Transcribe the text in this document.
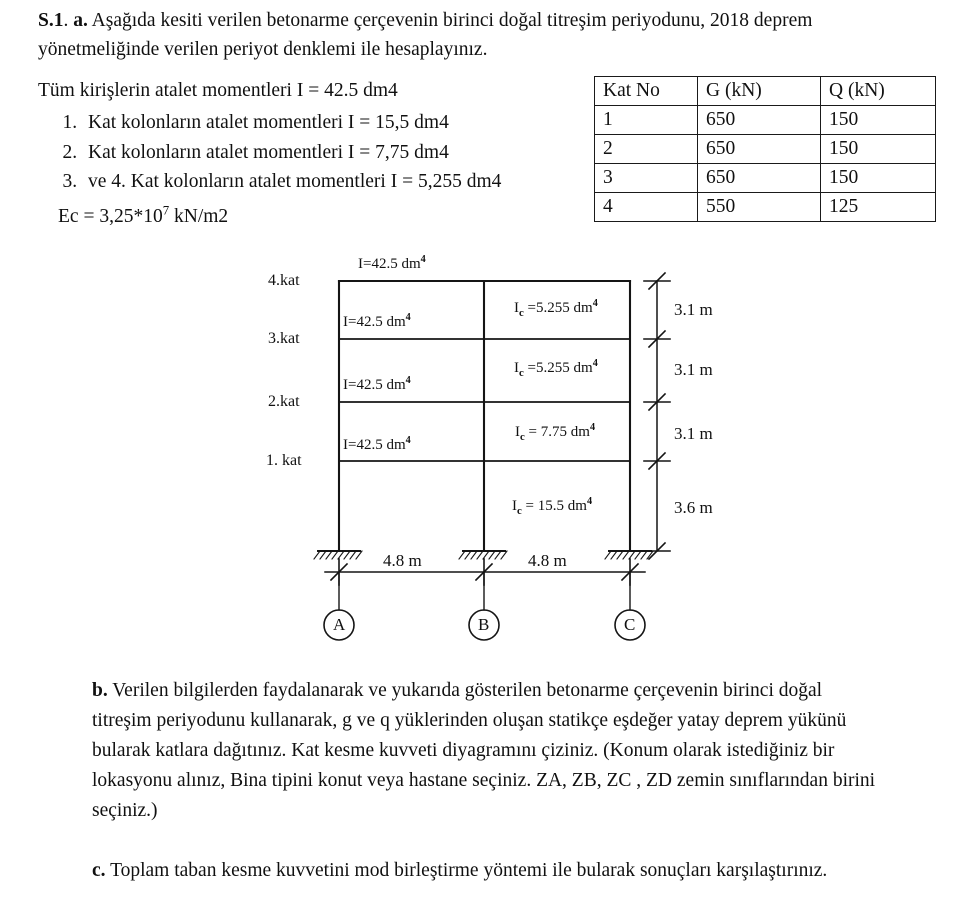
S.1. a. Aşağıda kesiti verilen betonarme çerçevenin birinci doğal titreşim periyodunu, 2018 deprem yönetmeliğinde verilen periyot denklemi ile hesaplayınız.
Tüm kirişlerin atalet momentleri I = 42.5 dm4
1. Kat kolonların atalet momentleri I = 15,5 dm4
2. Kat kolonların atalet momentleri I = 7,75 dm4
3. ve 4. Kat kolonların atalet momentleri I = 5,255 dm4
$Ec = 3,25*10^7$ kN/m2
Kat No	G (kN)	Q (kN)
1	650	150
2	650	150
3	650	150
4	550	125
4.kat
3.kat
2.kat
1. kat
I=42.5 $dm^4$
I=42.5 $dm^4$
I=42.5 $dm^4$
I=42.5 $dm^4$
$I_c =5.255$ $dm^4$
$I_c =5.255$ $dm^4$
$I_c = 7.75$ $dm^4$
$I_c = 15.5$ $dm^4$
3.1 m
3.1 m
3.1 m
3.6 m
4.8 m	4.8 m
A	B	C
b. Verilen bilgilerden faydalanarak ve yukarıda gösterilen betonarme çerçevenin birinci doğal titreşim periyodunu kullanarak, g ve q yüklerinden oluşan statikçe eşdeğer yatay deprem yükünü bularak katlara dağıtınız. Kat kesme kuvveti diyagramını çiziniz. (Konum olarak istediğiniz bir lokasyonu alınız, Bina tipini konut veya hastane seçiniz. ZA, ZB, ZC , ZD zemin sınıflarından birini seçiniz.)
c. Toplam taban kesme kuvvetini mod birleştirme yöntemi ile bularak sonuçları karşılaştırınız.
